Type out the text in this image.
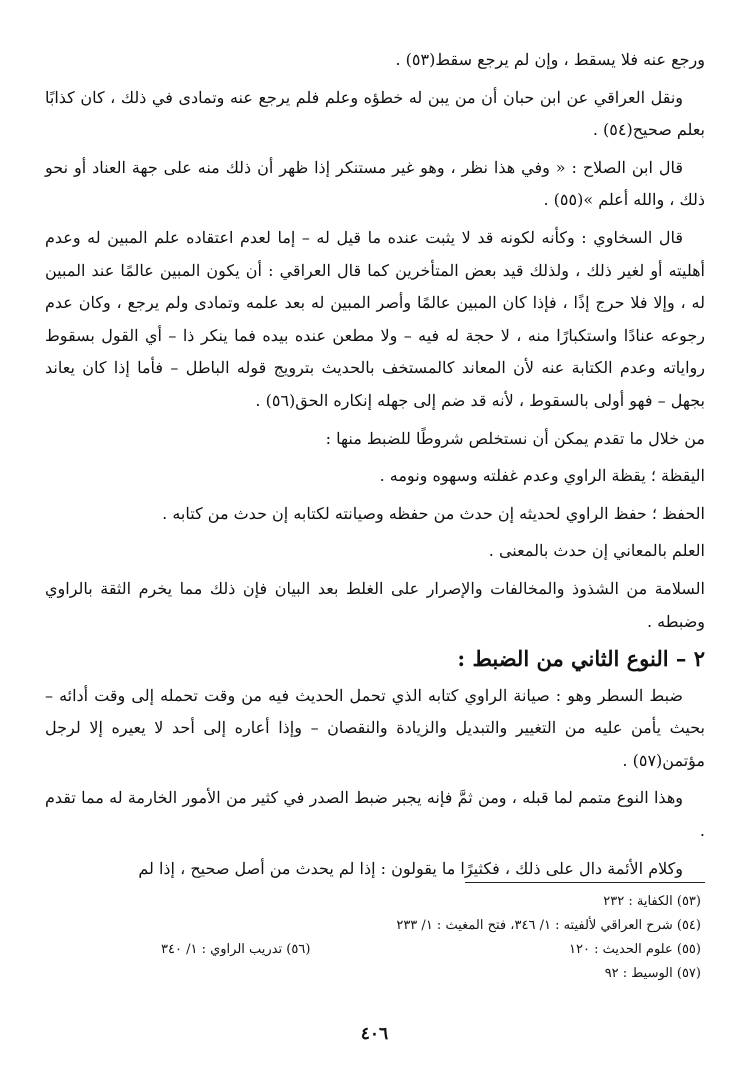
ورجع عنه فلا يسقط ، وإن لم يرجع سقط(٥٣) .

ونقل العراقي عن ابن حبان أن من يبن له خطؤه وعلم فلم يرجع عنه وتمادى في ذلك ، كان كذابًا بعلم صحيح(٥٤) .

قال ابن الصلاح : « وفي هذا نظر ، وهو غير مستنكر إذا ظهر أن ذلك منه على جهة العناد أو نحو ذلك ، والله أعلم »(٥٥) .

قال السخاوي : وكأنه لكونه قد لا يثبت عنده ما قيل له – إما لعدم اعتقاده علم المبين له وعدم أهليته أو لغير ذلك ، ولذلك قيد بعض المتأخرين كما قال العراقي : أن يكون المبين عالمًا عند المبين له ، وإلا فلا حرج إذًا ، فإذا كان المبين عالمًا وأصر المبين له بعد علمه وتمادى ولم يرجع ، وكان عدم رجوعه عنادًا واستكبارًا منه ، لا حجة له فيه – ولا مطعن عنده بيده فما ينكر ذا – أي القول بسقوط رواياته وعدم الكتابة عنه لأن المعاند كالمستخف بالحديث بترويج قوله الباطل – فأما إذا كان يعاند بجهل – فهو أولى بالسقوط ، لأنه قد ضم إلى جهله إنكاره الحق(٥٦) .

من خلال ما تقدم يمكن أن نستخلص شروطًا للضبط منها :

اليقظة ؛ يقظة الراوي وعدم غفلته وسهوه ونومه .

الحفظ ؛ حفظ الراوي لحديثه إن حدث من حفظه وصيانته لكتابه إن حدث من كتابه .

العلم بالمعاني إن حدث بالمعنى .

السلامة من الشذوذ والمخالفات والإصرار على الغلط بعد البيان فإن ذلك مما يخرم الثقة بالراوي وضبطه .

٢ – النوع الثاني من الضبط :

ضبط السطر وهو : صيانة الراوي كتابه الذي تحمل الحديث فيه من وقت تحمله إلى وقت أدائه – بحيث يأمن عليه من التغيير والتبديل والزيادة والنقصان – وإذا أعاره إلى أحد لا يعيره إلا لرجل مؤتمن(٥٧) .

وهذا النوع متمم لما قبله ، ومن ثمَّ فإنه يجبر ضبط الصدر في كثير من الأمور الخارمة له مما تقدم .

وكلام الأئمة دال على ذلك ، فكثيرًا ما يقولون : إذا لم يحدث من أصل صحيح ، إذا لم

(٥٣) الكفاية : ٢٣٢
(٥٤) شرح العراقي لألفيته : ١/ ٣٤٦، فتح المغيث : ١/ ٢٣٣
(٥٥) علوم الحديث : ١٢٠
(٥٦) تدريب الراوي : ١/ ٣٤٠
(٥٧) الوسيط : ٩٢
٤٠٦
